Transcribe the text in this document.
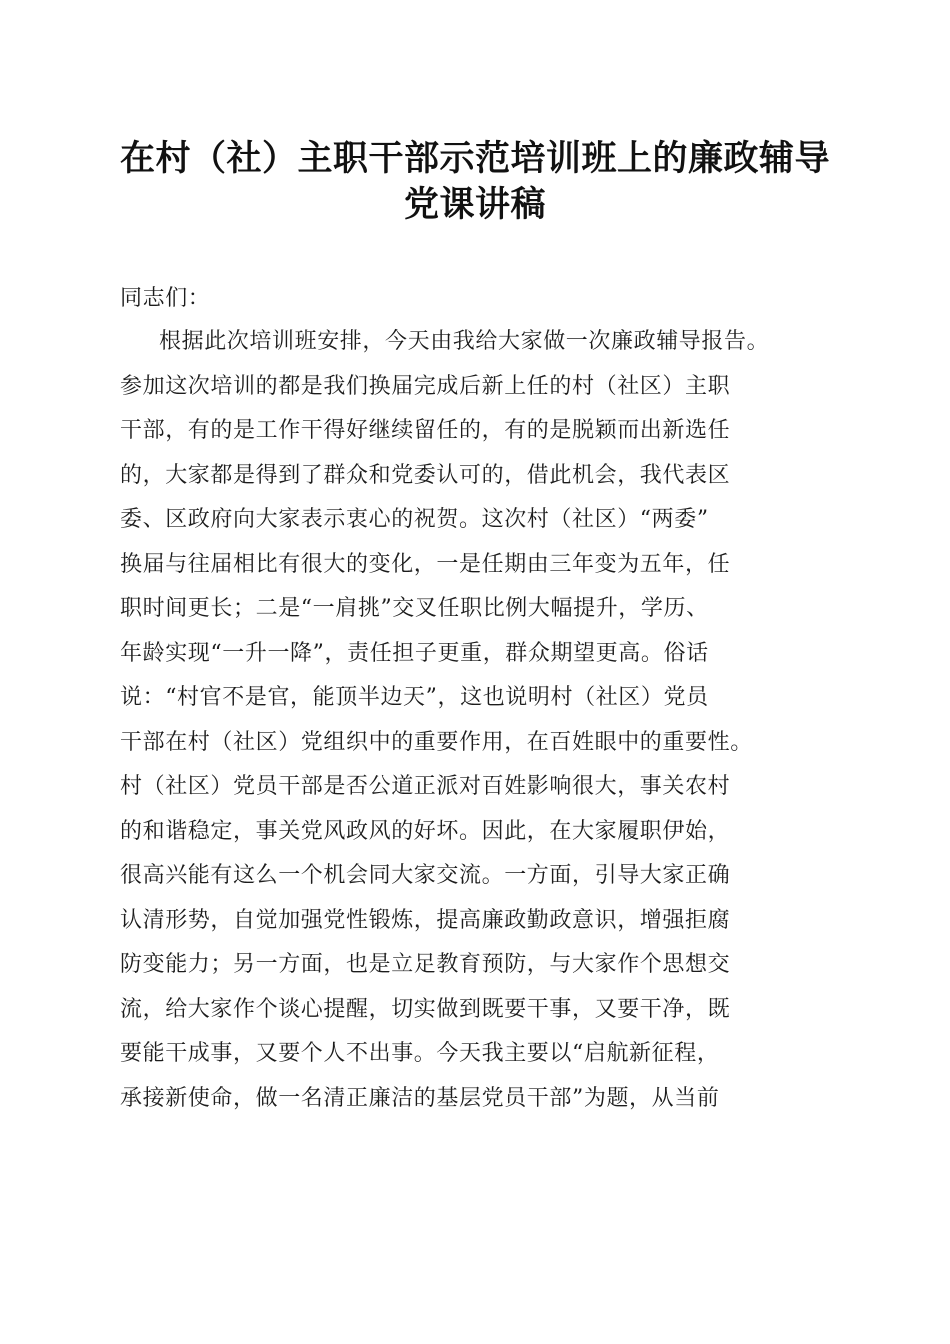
在村（社）主职干部示范培训班上的廉政辅导
党课讲稿
同志们：
根据此次培训班安排，今天由我给大家做一次廉政辅导报告。
参加这次培训的都是我们换届完成后新上任的村（社区）主职
干部，有的是工作干得好继续留任的，有的是脱颖而出新选任
的，大家都是得到了群众和党委认可的，借此机会，我代表区
委、区政府向大家表示衷心的祝贺。这次村（社区）“两委”
换届与往届相比有很大的变化，一是任期由三年变为五年，任
职时间更长；二是“一肩挑”交叉任职比例大幅提升，学历、
年龄实现“一升一降”，责任担子更重，群众期望更高。俗话
说：“村官不是官，能顶半边天”，这也说明村（社区）党员
干部在村（社区）党组织中的重要作用，在百姓眼中的重要性。
村（社区）党员干部是否公道正派对百姓影响很大，事关农村
的和谐稳定，事关党风政风的好坏。因此，在大家履职伊始，
很高兴能有这么一个机会同大家交流。一方面，引导大家正确
认清形势，自觉加强党性锻炼，提高廉政勤政意识，增强拒腐
防变能力；另一方面，也是立足教育预防，与大家作个思想交
流，给大家作个谈心提醒，切实做到既要干事，又要干净，既
要能干成事，又要个人不出事。今天我主要以“启航新征程，
承接新使命，做一名清正廉洁的基层党员干部”为题，从当前
